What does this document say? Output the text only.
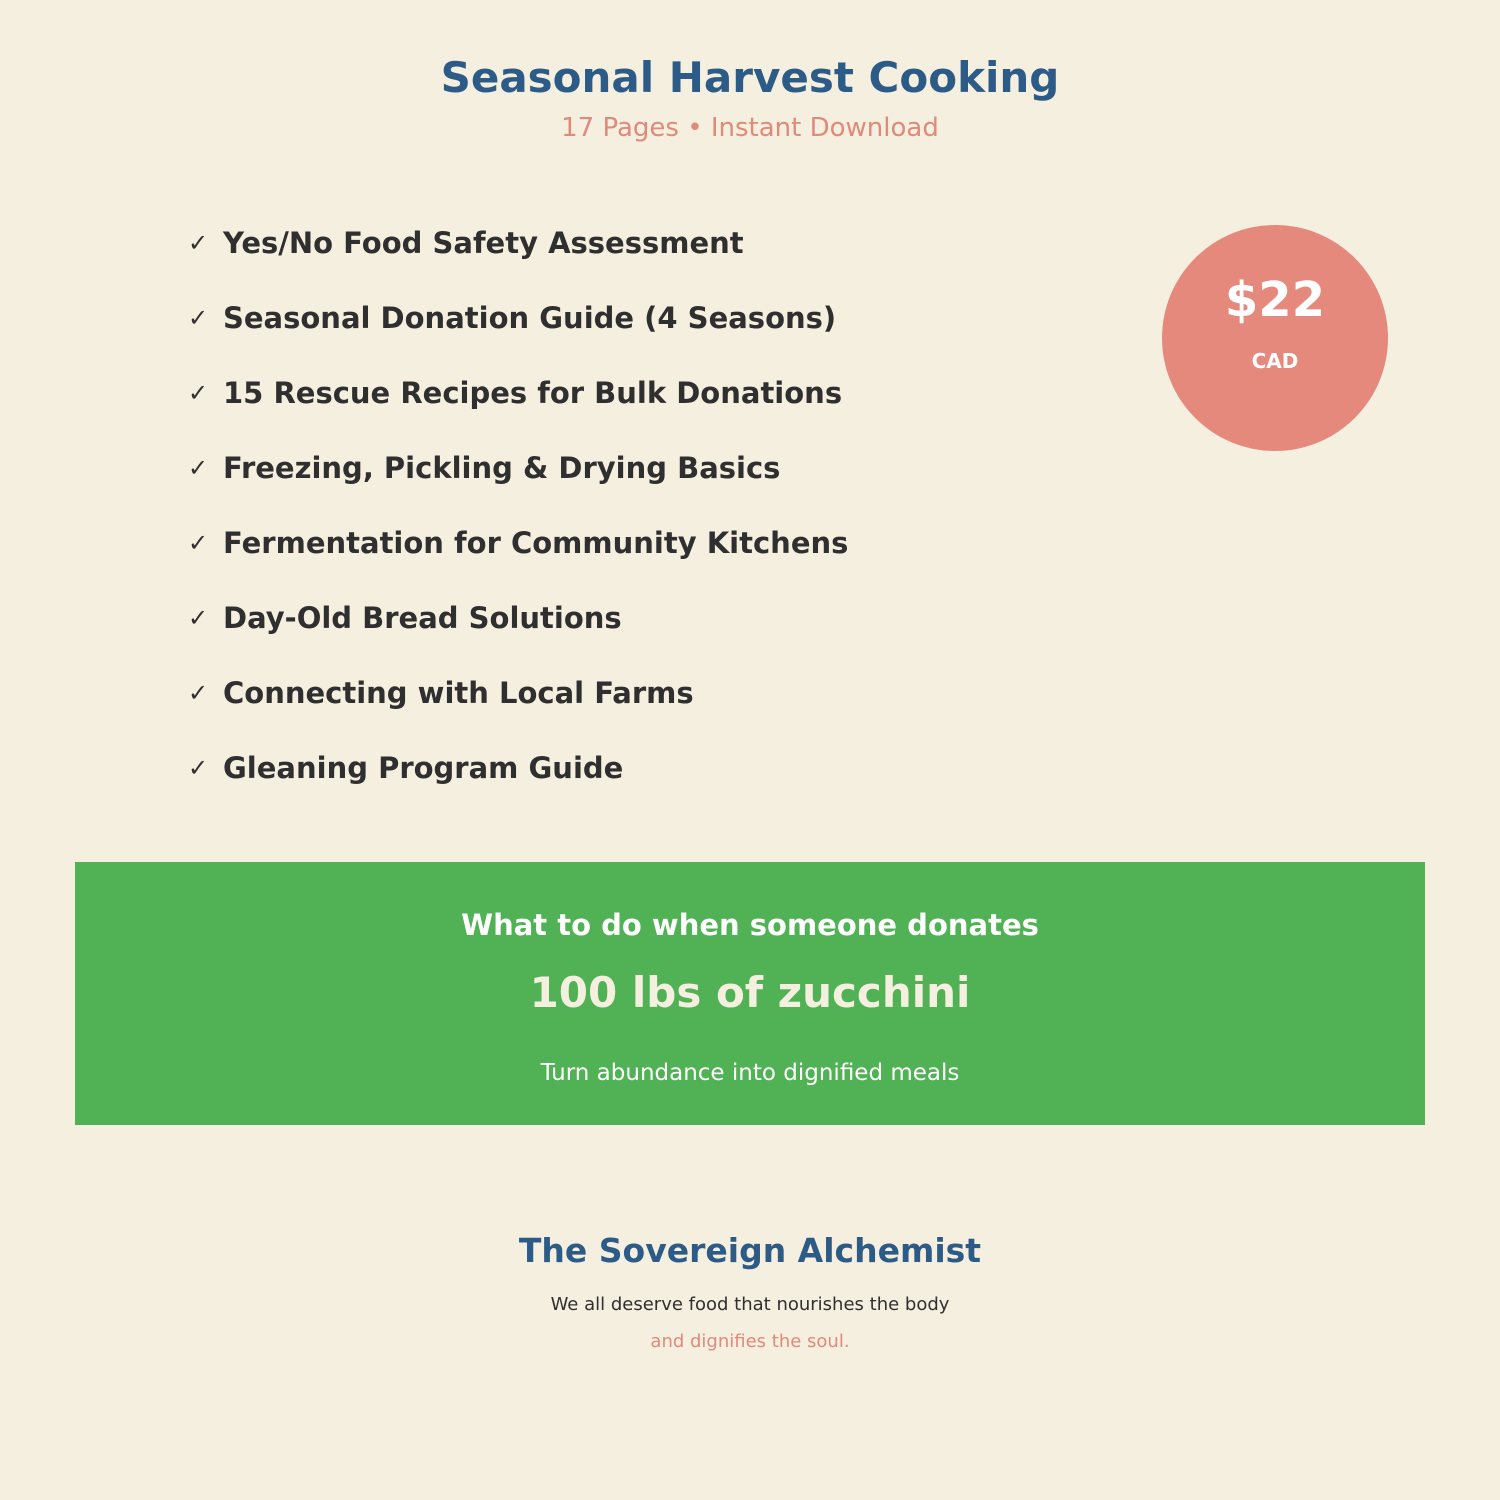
Seasonal Harvest Cooking

17 Pages • Instant Download

✓ Yes/No Food Safety Assessment
✓ Seasonal Donation Guide (4 Seasons)
✓ 15 Rescue Recipes for Bulk Donations
✓ Freezing, Pickling & Drying Basics
✓ Fermentation for Community Kitchens
✓ Day-Old Bread Solutions
✓ Connecting with Local Farms
✓ Gleaning Program Guide
$22
CAD
What to do when someone donates
100 lbs of zucchini
Turn abundance into dignified meals
The Sovereign Alchemist

We all deserve food that nourishes the body

and dignifies the soul.
